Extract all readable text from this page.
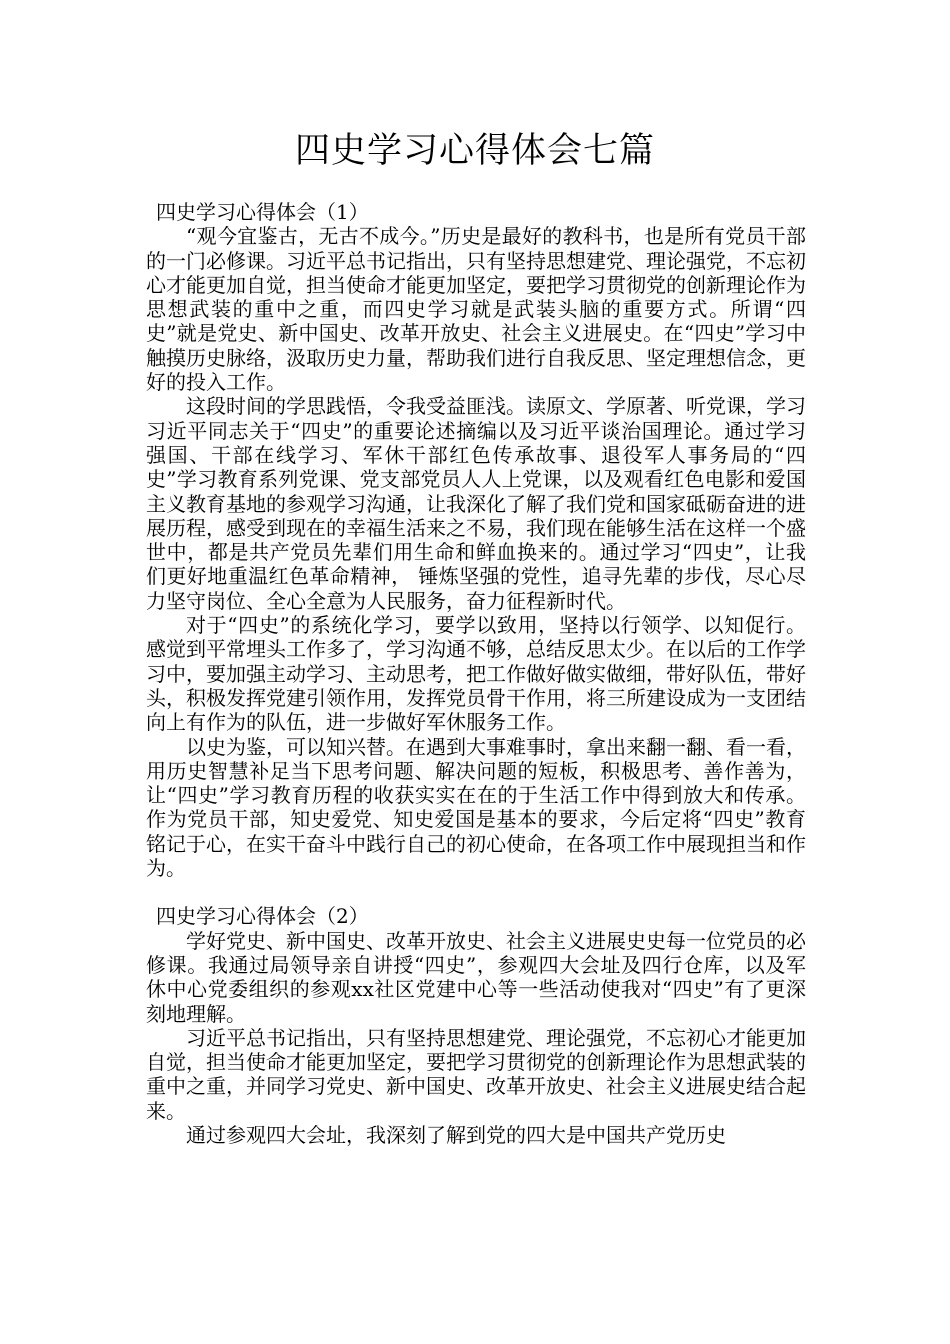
四史学习心得体会七篇
四史学习心得体会（1）

“观今宜鉴古，无古不成今。”历史是最好的教科书，也是所有党员干部的一门必修课。习近平总书记指出，只有坚持思想建党、理论强党，不忘初心才能更加自觉，担当使命才能更加坚定，要把学习贯彻党的创新理论作为思想武装的重中之重，而四史学习就是武装头脑的重要方式。所谓“四史”就是党史、新中国史、改革开放史、社会主义进展史。在“四史”学习中触摸历史脉络，汲取历史力量，帮助我们进行自我反思、坚定理想信念，更好的投入工作。

这段时间的学思践悟，令我受益匪浅。读原文、学原著、听党课，学习习近平同志关于“四史”的重要论述摘编以及习近平谈治国理论。通过学习强国、干部在线学习、军休干部红色传承故事、退役军人事务局的“四史”学习教育系列党课、党支部党员人人上党课，以及观看红色电影和爱国主义教育基地的参观学习沟通，让我深化了解了我们党和国家砥砺奋进的进展历程，感受到现在的幸福生活来之不易，我们现在能够生活在这样一个盛世中，都是共产党员先辈们用生命和鲜血换来的。通过学习“四史”，让我们更好地重温红色革命精神， 锤炼坚强的党性，追寻先辈的步伐，尽心尽力坚守岗位、全心全意为人民服务，奋力征程新时代。

对于“四史”的系统化学习，要学以致用，坚持以行领学、以知促行。感觉到平常埋头工作多了，学习沟通不够，总结反思太少。在以后的工作学习中，要加强主动学习、主动思考，把工作做好做实做细，带好队伍，带好头，积极发挥党建引领作用，发挥党员骨干作用，将三所建设成为一支团结向上有作为的队伍，进一步做好军休服务工作。

以史为鉴，可以知兴替。在遇到大事难事时，拿出来翻一翻、看一看，用历史智慧补足当下思考问题、解决问题的短板，积极思考、善作善为，让“四史”学习教育历程的收获实实在在的于生活工作中得到放大和传承。作为党员干部，知史爱党、知史爱国是基本的要求，今后定将“四史”教育铭记于心，在实干奋斗中践行自己的初心使命，在各项工作中展现担当和作为。

四史学习心得体会（2）

学好党史、新中国史、改革开放史、社会主义进展史史每一位党员的必修课。我通过局领导亲自讲授“四史”，参观四大会址及四行仓库，以及军休中心党委组织的参观xx社区党建中心等一些活动使我对“四史”有了更深刻地理解。

习近平总书记指出，只有坚持思想建党、理论强党，不忘初心才能更加自觉，担当使命才能更加坚定，要把学习贯彻党的创新理论作为思想武装的重中之重，并同学习党史、新中国史、改革开放史、社会主义进展史结合起来。

通过参观四大会址，我深刻了解到党的四大是中国共产党历史
